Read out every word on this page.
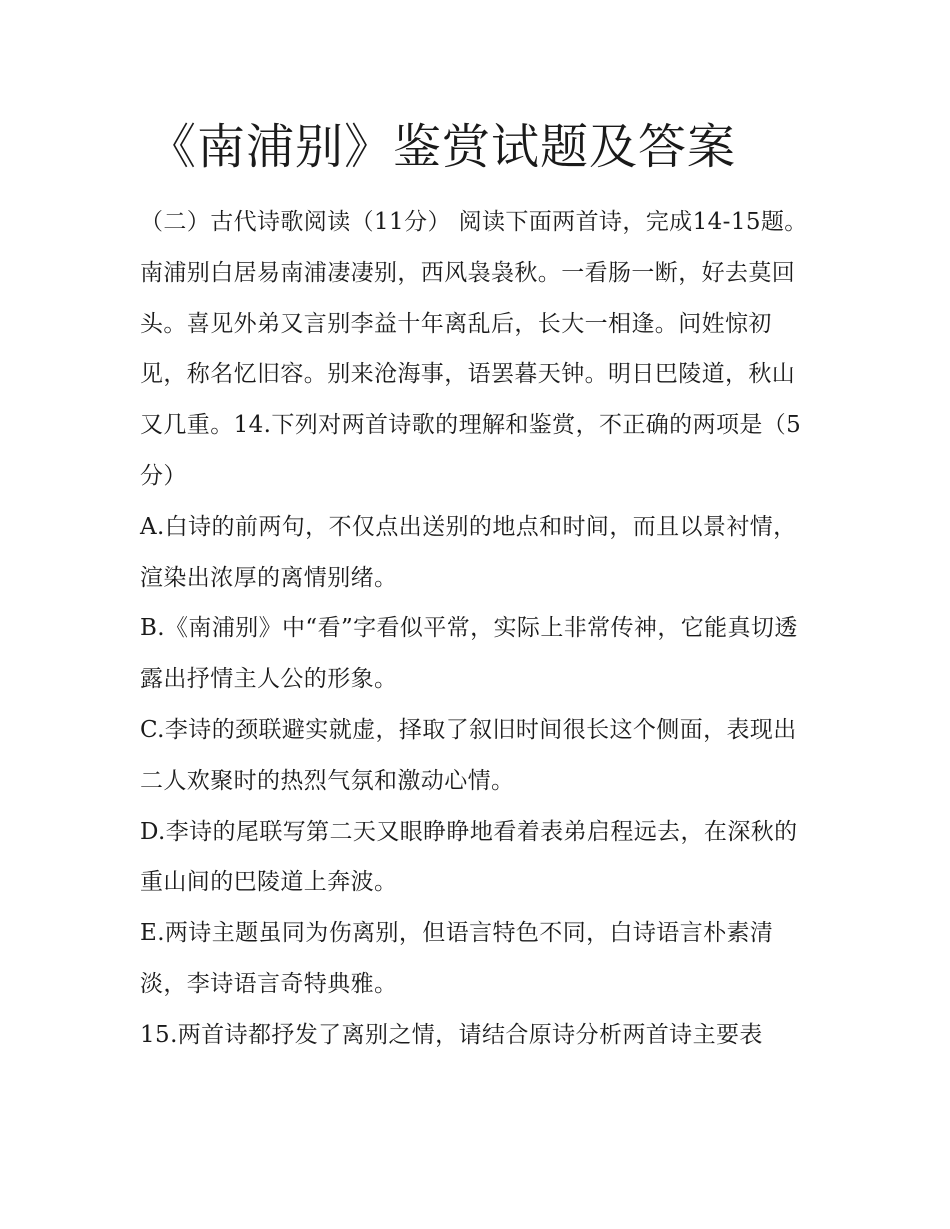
《南浦别》鉴赏试题及答案

（二）古代诗歌阅读（11分） 阅读下面两首诗，完成14-15题。

南浦别白居易南浦凄凄别，西风袅袅秋。一看肠一断，好去莫回头。喜见外弟又言别李益十年离乱后，长大一相逢。问姓惊初见，称名忆旧容。别来沧海事，语罢暮天钟。明日巴陵道，秋山又几重。14.下列对两首诗歌的理解和鉴赏，不正确的两项是（5分）

A.白诗的前两句，不仅点出送别的地点和时间，而且以景衬情，渲染出浓厚的离情别绪。

B.《南浦别》中“看”字看似平常，实际上非常传神，它能真切透露出抒情主人公的形象。

C.李诗的颈联避实就虚，择取了叙旧时间很长这个侧面，表现出二人欢聚时的热烈气氛和激动心情。

D.李诗的尾联写第二天又眼睁睁地看着表弟启程远去，在深秋的重山间的巴陵道上奔波。

E.两诗主题虽同为伤离别，但语言特色不同，白诗语言朴素清淡，李诗语言奇特典雅。

15.两首诗都抒发了离别之情，请结合原诗分析两首诗主要表
